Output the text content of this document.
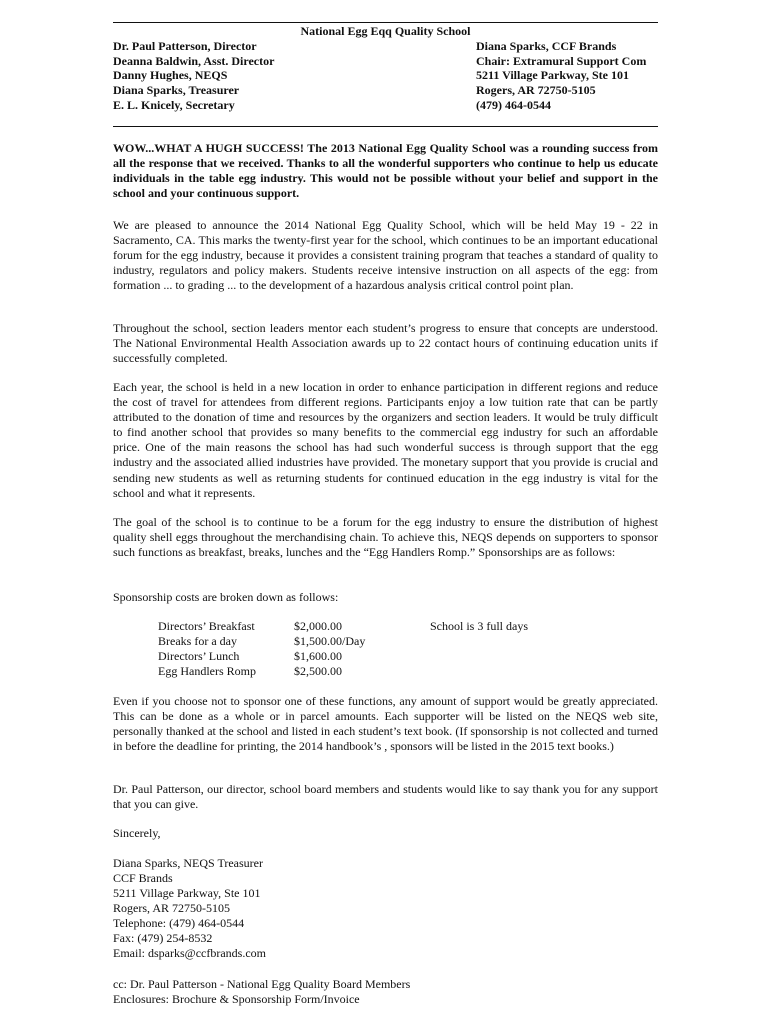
National Egg Eqq Quality School
Dr. Paul Patterson, Director
Deanna Baldwin, Asst. Director
Danny Hughes, NEQS
Diana Sparks, Treasurer
E. L. Knicely, Secretary
Diana Sparks, CCF Brands
Chair: Extramural Support Com
5211 Village Parkway, Ste 101
Rogers, AR 72750-5105
(479) 464-0544

WOW...WHAT A HUGH SUCCESS! The 2013 National Egg Quality School was a rounding success from all the response that we received. Thanks to all the wonderful supporters who continue to help us educate individuals in the table egg industry. This would not be possible without your belief and support in the school and your continuous support.

We are pleased to announce the 2014 National Egg Quality School, which will be held May 19 - 22 in Sacramento, CA. This marks the twenty-first year for the school, which continues to be an important educational forum for the egg industry, because it provides a consistent training program that teaches a standard of quality to industry, regulators and policy makers. Students receive intensive instruction on all aspects of the egg: from formation ... to grading ... to the development of a hazardous analysis critical control point plan.

Throughout the school, section leaders mentor each student’s progress to ensure that concepts are understood. The National Environmental Health Association awards up to 22 contact hours of continuing education units if successfully completed.

Each year, the school is held in a new location in order to enhance participation in different regions and reduce the cost of travel for attendees from different regions. Participants enjoy a low tuition rate that can be partly attributed to the donation of time and resources by the organizers and section leaders. It would be truly difficult to find another school that provides so many benefits to the commercial egg industry for such an affordable price. One of the main reasons the school has had such wonderful success is through support that the egg industry and the associated allied industries have provided. The monetary support that you provide is crucial and sending new students as well as returning students for continued education in the egg industry is vital for the school and what it represents.

The goal of the school is to continue to be a forum for the egg industry to ensure the distribution of highest quality shell eggs throughout the merchandising chain. To achieve this, NEQS depends on supporters to sponsor such functions as breakfast, breaks, lunches and the “Egg Handlers Romp.” Sponsorships are as follows:

Sponsorship costs are broken down as follows:

Directors’ Breakfast	$2,000.00	School is 3 full days
Breaks for a day	$1,500.00/Day
Directors’ Lunch	$1,600.00
Egg Handlers Romp	$2,500.00

Even if you choose not to sponsor one of these functions, any amount of support would be greatly appreciated. This can be done as a whole or in parcel amounts. Each supporter will be listed on the NEQS web site, personally thanked at the school and listed in each student’s text book. (If sponsorship is not collected and turned in before the deadline for printing, the 2014 handbook’s , sponsors will be listed in the 2015 text books.)

Dr. Paul Patterson, our director, school board members and students would like to say thank you for any support that you can give.

Sincerely,

Diana Sparks, NEQS Treasurer
CCF Brands
5211 Village Parkway, Ste 101
Rogers, AR 72750-5105
Telephone: (479) 464-0544
Fax: (479) 254-8532
Email: dsparks@ccfbrands.com
cc: Dr. Paul Patterson - National Egg Quality Board Members
Enclosures: Brochure & Sponsorship Form/Invoice
